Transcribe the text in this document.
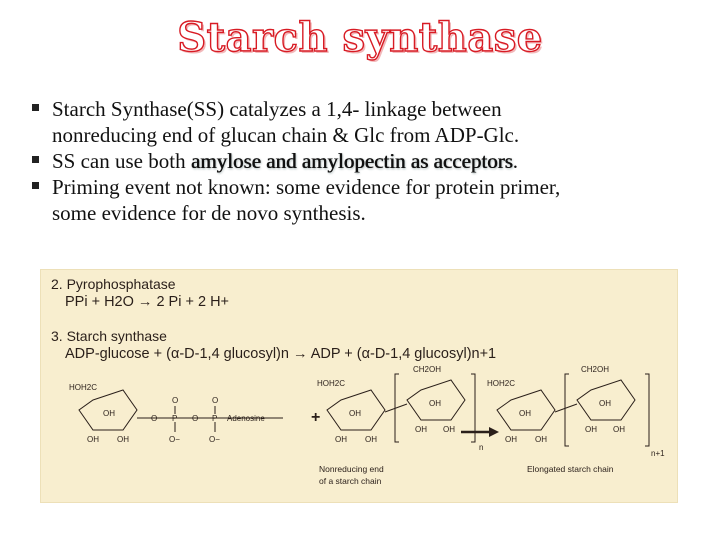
Starch synthase
Starch Synthase(SS) catalyzes a 1,4- linkage between
nonreducing end of glucan chain & Glc from ADP-Glc.
SS can use both amylose and amylopectin as acceptors.
Priming event not known: some evidence for protein primer,
some evidence for de novo synthesis.
2. Pyrophosphatase
PPi + H2O → 2 Pi + 2 H+
3. Starch synthase
ADP-glucose + (α-D-1,4 glucosyl)n → ADP + (α-D-1,4 glucosyl)n+1
HOH2C	HOH2C
CH2OH
HOH2C
CH2OH
OH
OH OH
O P
O
O−
O P
O
O−
Adenosine	+	OH
OH OH
OH
OH OH
n
OH
OH OH
OH
OH OH
n+1
Nonreducing end
of a starch chain
Elongated starch chain
